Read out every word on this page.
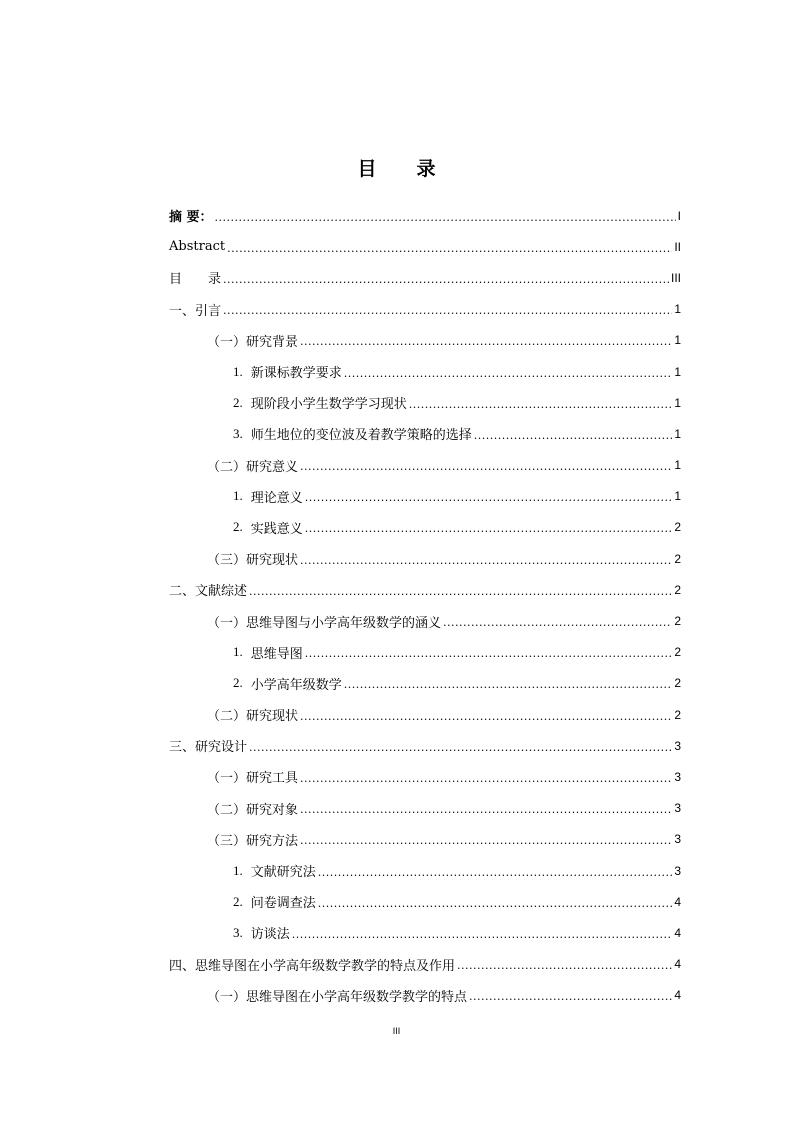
目 录
摘 要： .....	I
Abstract .....	II
目　　录 .....	III
一、引言 .....	1
（一）研究背景 .....	1
1. 新课标教学要求 .....	1
2. 现阶段小学生数学学习现状 .....	1
3. 师生地位的变位波及着教学策略的选择 .....	1
（二）研究意义 .....	1
1. 理论意义 .....	1
2. 实践意义 .....	2
（三）研究现状 .....	2
二、文献综述 .....	2
（一）思维导图与小学高年级数学的涵义 .....	2
1. 思维导图 .....	2
2. 小学高年级数学 .....	2
（二）研究现状 .....	2
三、研究设计 .....	3
（一）研究工具 .....	3
（二）研究对象 .....	3
（三）研究方法 .....	3
1. 文献研究法 .....	3
2. 问卷调查法 .....	4
3. 访谈法 .....	4
四、思维导图在小学高年级数学教学的特点及作用 .....	4
（一）思维导图在小学高年级数学教学的特点 .....	4
III
